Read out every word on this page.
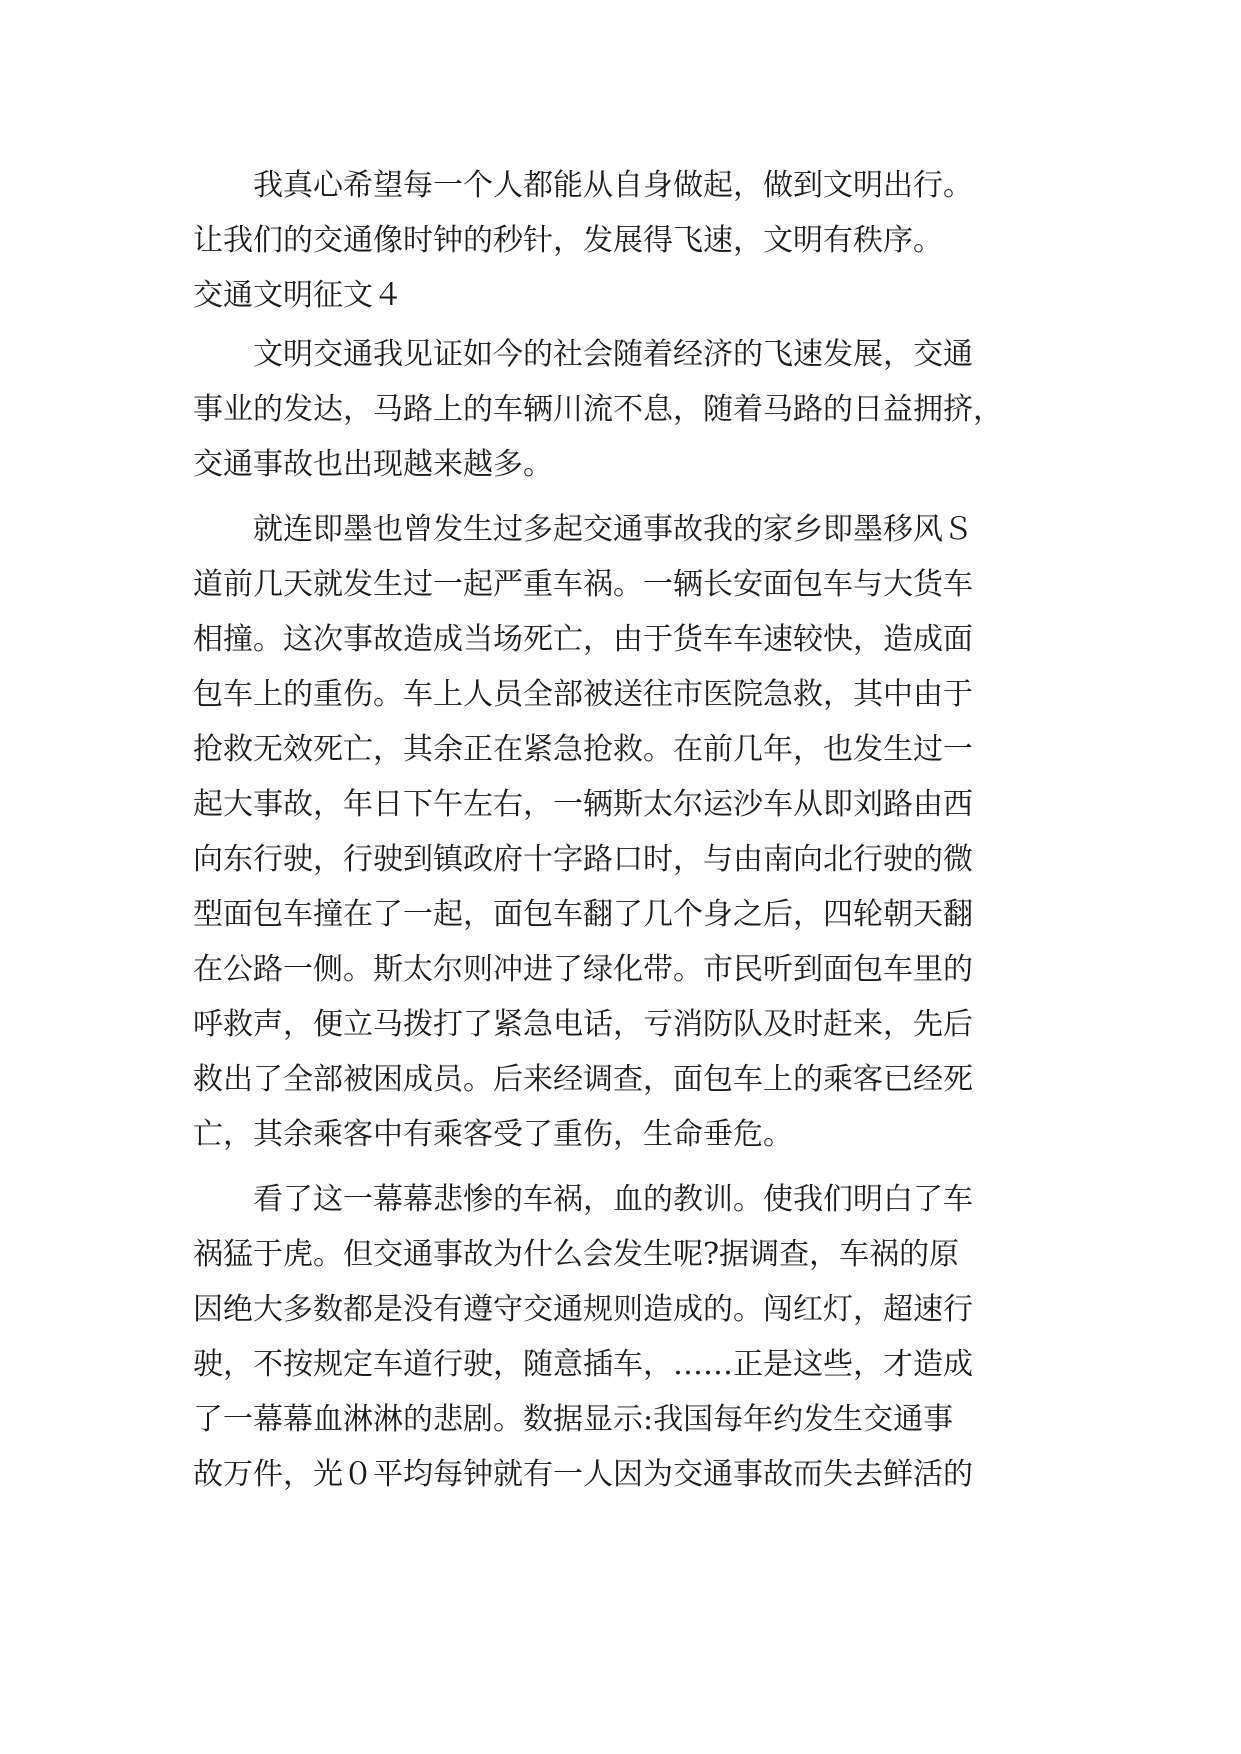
　　我真心希望每一个人都能从自身做起，做到文明出行。
让我们的交通像时钟的秒针，发展得飞速，文明有秩序。
交通文明征文４
　　文明交通我见证如今的社会随着经济的飞速发展，交通
事业的发达，马路上的车辆川流不息，随着马路的日益拥挤，
交通事故也出现越来越多。
　　就连即墨也曾发生过多起交通事故我的家乡即墨移风Ｓ
道前几天就发生过一起严重车祸。一辆长安面包车与大货车
相撞。这次事故造成当场死亡，由于货车车速较快，造成面
包车上的重伤。车上人员全部被送往市医院急救，其中由于
抢救无效死亡，其余正在紧急抢救。在前几年，也发生过一
起大事故，年日下午左右，一辆斯太尔运沙车从即刘路由西
向东行驶，行驶到镇政府十字路口时，与由南向北行驶的微
型面包车撞在了一起，面包车翻了几个身之后，四轮朝天翻
在公路一侧。斯太尔则冲进了绿化带。市民听到面包车里的
呼救声，便立马拨打了紧急电话，亏消防队及时赶来，先后
救出了全部被困成员。后来经调查，面包车上的乘客已经死
亡，其余乘客中有乘客受了重伤，生命垂危。
　　看了这一幕幕悲惨的车祸，血的教训。使我们明白了车
祸猛于虎。但交通事故为什么会发生呢?据调查，车祸的原
因绝大多数都是没有遵守交通规则造成的。闯红灯，超速行
驶，不按规定车道行驶，随意插车，……正是这些，才造成
了一幕幕血淋淋的悲剧。数据显示:我国每年约发生交通事
故万件，光０平均每钟就有一人因为交通事故而失去鲜活的
